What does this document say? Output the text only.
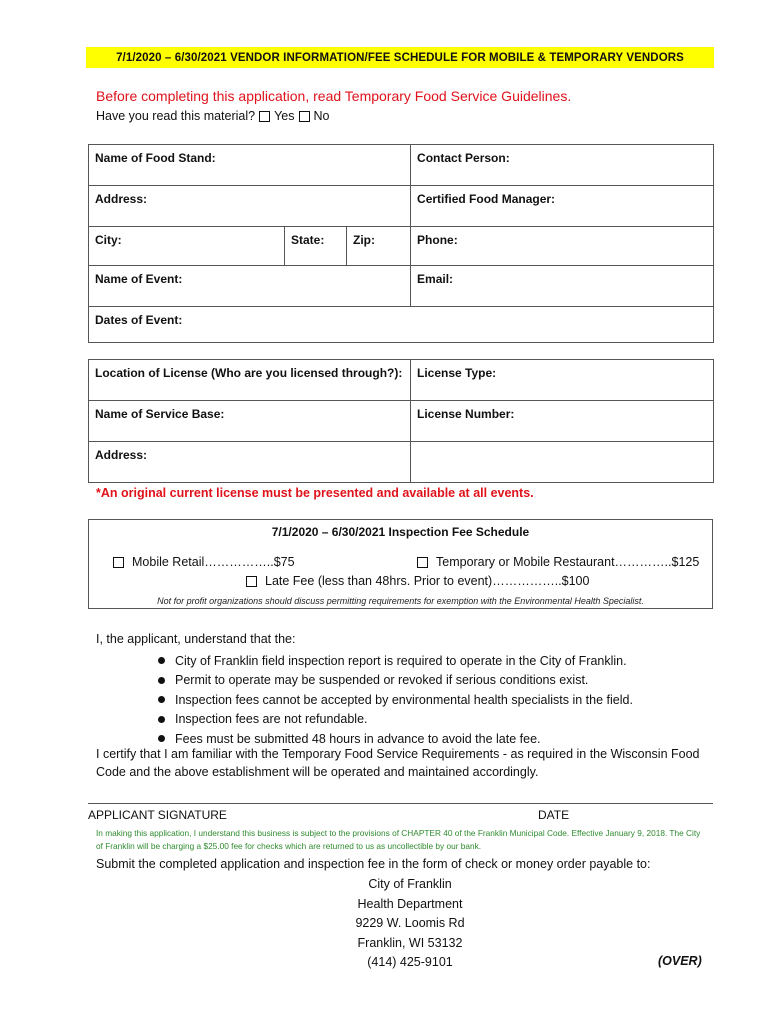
7/1/2020 – 6/30/2021 VENDOR INFORMATION/FEE SCHEDULE FOR MOBILE & TEMPORARY VENDORS
Before completing this application, read Temporary Food Service Guidelines.
Have you read this material? Yes No
Name of Food Stand:			Contact Person:
Address:			Certified Food Manager:
City:	State:	Zip:	Phone:
Name of Event:			Email:
Dates of Event:			
Location of License (Who are you licensed through?):	License Type:
Name of Service Base:	License Number:
Address:	
*An original current license must be presented and available at all events.
7/1/2020 – 6/30/2021 Inspection Fee Schedule
Mobile Retail……………..$75	Temporary or Mobile Restaurant…………..$125
Late Fee (less than 48hrs. Prior to event)……………..$100
Not for profit organizations should discuss permitting requirements for exemption with the Environmental Health Specialist.
I, the applicant, understand that the:
City of Franklin field inspection report is required to operate in the City of Franklin.
Permit to operate may be suspended or revoked if serious conditions exist.
Inspection fees cannot be accepted by environmental health specialists in the field.
Inspection fees are not refundable.
Fees must be submitted 48 hours in advance to avoid the late fee.
I certify that I am familiar with the Temporary Food Service Requirements - as required in the Wisconsin Food Code and the above establishment will be operated and maintained accordingly.
APPLICANT SIGNATURE	DATE
In making this application, I understand this business is subject to the provisions of CHAPTER 40 of the Franklin Municipal Code. Effective January 9, 2018. The City of Franklin will be charging a $25.00 fee for checks which are returned to us as uncollectible by our bank.
Submit the completed application and inspection fee in the form of check or money order payable to:
City of Franklin
Health Department
9229 W. Loomis Rd
Franklin, WI 53132
(414) 425-9101	(OVER)
